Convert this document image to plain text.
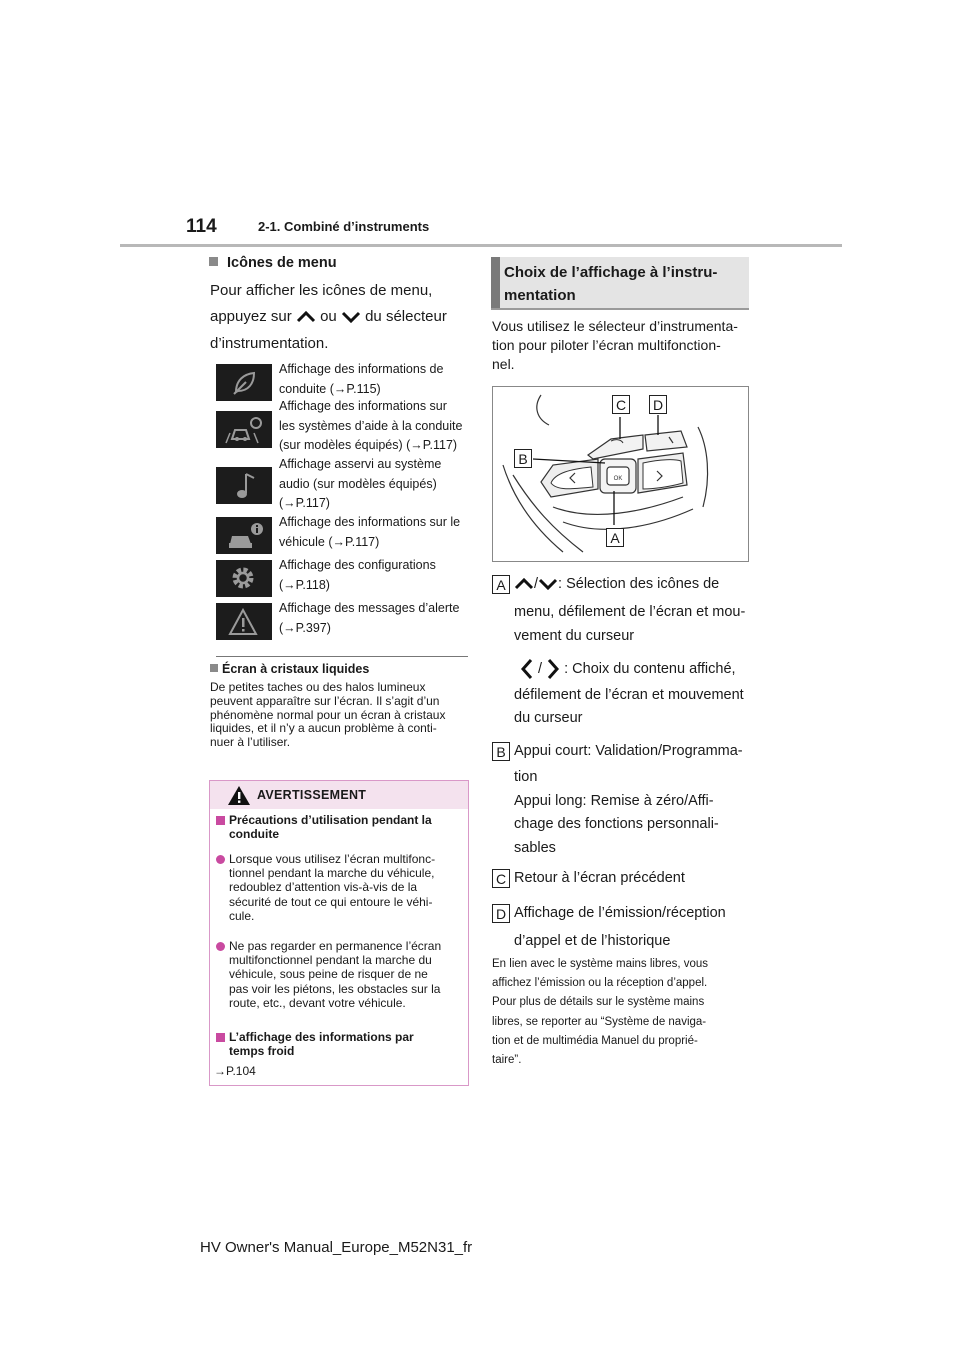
114	2-1. Combiné d’instruments
Icônes de menu
Pour afficher les icônes de menu,
appuyez sur ou du sélecteur
d’instrumentation.
Affichage des informations de
conduite (→P.115)
Affichage des informations sur
les systèmes d’aide à la conduite
(sur modèles équipés) (→P.117)
Affichage asservi au système
audio (sur modèles équipés)
(→P.117)
Affichage des informations sur le
véhicule (→P.117)
Affichage des configurations
(→P.118)
Affichage des messages d’alerte
(→P.397)
Écran à cristaux liquides
De petites taches ou des halos lumineux
peuvent apparaître sur l’écran. Il s’agit d’un
phénomène normal pour un écran à cristaux
liquides, et il n’y a aucun problème à conti-
nuer à l’utiliser.
AVERTISSEMENT
Précautions d’utilisation pendant la
conduite
Lorsque vous utilisez l’écran multifonc-
tionnel pendant la marche du véhicule,
redoublez d’attention vis-à-vis de la
sécurité de tout ce qui entoure le véhi-
cule.
Ne pas regarder en permanence l’écran
multifonctionnel pendant la marche du
véhicule, sous peine de risquer de ne
pas voir les piétons, les obstacles sur la
route, etc., devant votre véhicule.
L’affichage des informations par
temps froid
→P.104
Choix de l’affichage à l’instru-
mentation
Vous utilisez le sélecteur d’instrumenta-
tion pour piloter l’écran multifonction-
nel.
OK
C D
B
A
A	/ : Sélection des icônes de
menu, défilement de l’écran et mou-
vement du curseur
/ : Choix du contenu affiché,
défilement de l’écran et mouvement
du curseur
B Appui court: Validation/Programma-
tion
Appui long: Remise à zéro/Affi-
chage des fonctions personnali-
sables
C Retour à l’écran précédent
D Affichage de l’émission/réception
d’appel et de l’historique
En lien avec le système mains libres, vous
affichez l’émission ou la réception d’appel.
Pour plus de détails sur le système mains
libres, se reporter au “Système de naviga-
tion et de multimédia Manuel du proprié-
taire”.
HV Owner's Manual_Europe_M52N31_fr
